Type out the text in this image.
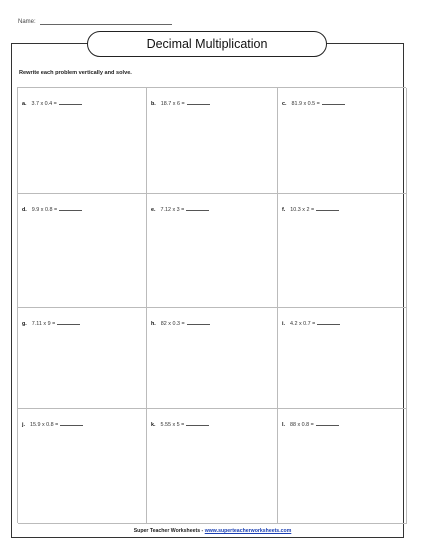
Name:
Decimal Multiplication
Rewrite each problem vertically and solve.
a. 3.7 x 0.4 =	b. 18.7 x 6 =	c. 81.9 x 0.5 =
d. 9.9 x 0.8 =	e. 7.12 x 3 =	f. 10.3 x 2 =
g. 7.11 x 9 =	h. 82 x 0.3 =	i. 4.2 x 0.7 =
j. 15.9 x 0.8 =	k. 5.55 x 5 =	l. 88 x 0.8 =
Super Teacher Worksheets - www.superteacherworksheets.com
